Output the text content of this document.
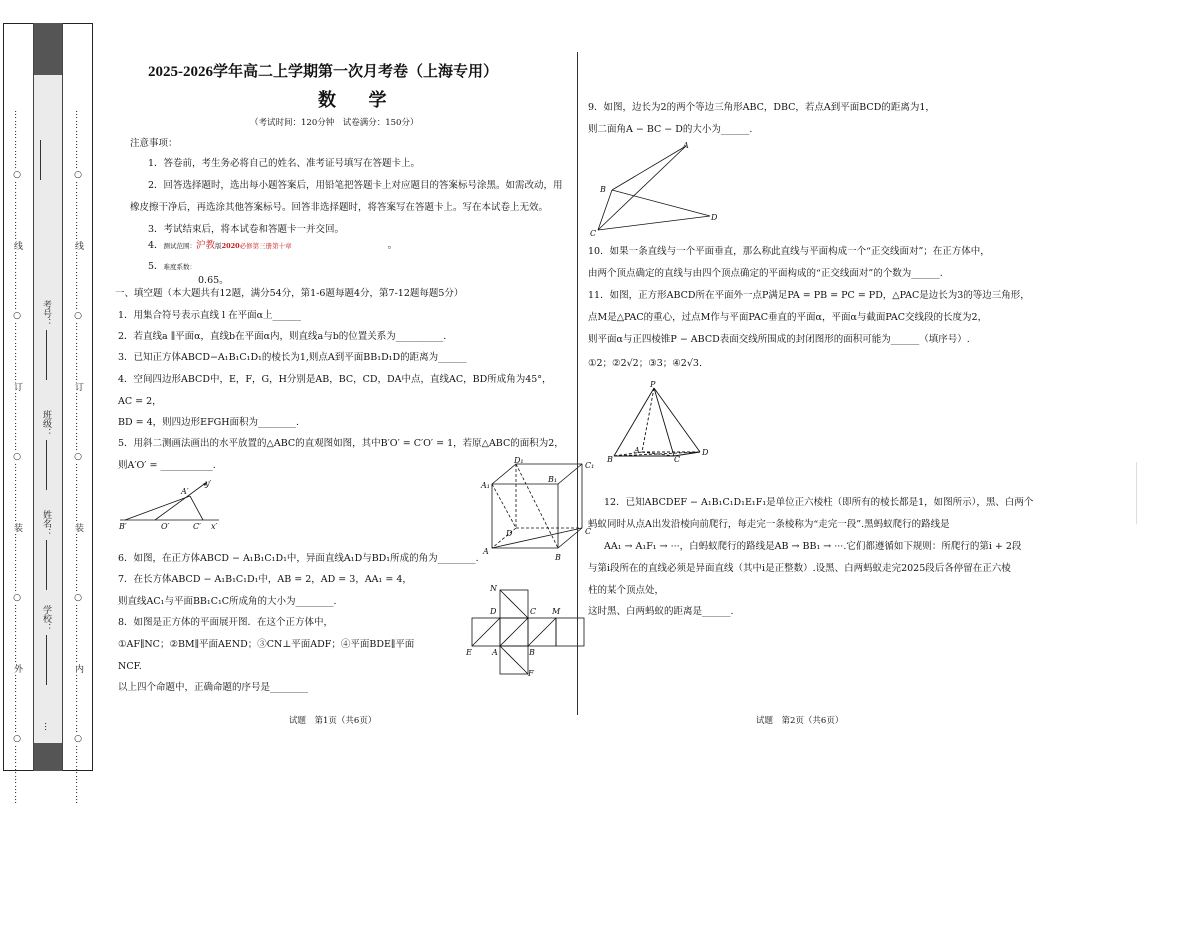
………………○………………线………………○………………订………………○………………装………………○………………外………………○………………	………………○………………线………………○………………订………………○………………装………………○………………内………………○………………
考号：
班级：
姓名：
学校：
…
2025-2026学年高二上学期第一次月考卷（上海专用）
数 学
（考试时间：120分钟　试卷满分：150分）
注意事项：
1．答卷前，考生务必将自己的姓名、准考证号填写在答题卡上。
2．回答选择题时，选出每小题答案后，用铅笔把答题卡上对应题目的答案标号涂黑。如需改动，用
橡皮擦干净后，再选涂其他答案标号。回答非选择题时，将答案写在答题卡上。写在本试卷上无效。
3．考试结束后，将本试卷和答题卡一并交回。
4．测试范围：沪教版2020必修第三册第十章	。
5．难度系数：
0.65。
一、填空题（本大题共有12题，满分54分，第1-6题每题4分，第7-12题每题5分）
1．用集合符号表示直线 l 在平面α上______
2．若直线a ∥平面α，直线b在平面α内，则直线a与b的位置关系为__________.
3．已知正方体ABCD−A₁B₁C₁D₁的棱长为1,则点A到平面BB₁D₁D的距离为______
4．空间四边形ABCD中，E，F，G，H分别是AB，BC，CD，DA中点，直线AC，BD所成角为45°，
AC = 2，
BD = 4，则四边形EFGH面积为________.
5．用斜二测画法画出的水平放置的△ABC的直观图如图，其中B′O′ = C′O′ = 1，若原△ABC的面积为2，
则A′O′ = ___________.
B′	O′	C′
A′
x′
y′
6．如图，在正方体ABCD − A₁B₁C₁D₁中，异面直线A₁D与BD₁所成的角为________.
7．在长方体ABCD − A₁B₁C₁D₁中，AB = 2，AD = 3，AA₁ = 4，
则直线AC₁与平面BB₁C₁C所成角的大小为________.
8．如图是正方体的平面展开图．在这个正方体中，
①AF∥NC；②BM∥平面AEND；③CN⊥平面ADF；④平面BDE∥平面
NCF.
以上四个命题中，正确命题的序号是________
D₁
C₁
A₁
B₁
D	C
A
B
N
D	C M
E	A	B
F
试题　第1页（共6页）
9．如图，边长为2的两个等边三角形ABC，DBC，若点A到平面BCD的距离为1，
则二面角A − BC − D的大小为______.
A
B
C
D
10．如果一条直线与一个平面垂直，那么称此直线与平面构成一个“正交线面对”；在正方体中，
由两个顶点确定的直线与由四个顶点确定的平面构成的“正交线面对”的个数为______.
11．如图，正方形ABCD所在平面外一点P满足PA = PB = PC = PD，△PAC是边长为3的等边三角形，
点M是△PAC的重心，过点M作与平面PAC垂直的平面α，平面α与截面PAC交线段的长度为2，
则平面α与正四棱锥P − ABCD表面交线所围成的封闭图形的面积可能为______（填序号）.
①2；②2√2；③3；④2√3.
P
A
B	C
D
12．已知ABCDEF − A₁B₁C₁D₁E₁F₁是单位正六棱柱（即所有的棱长都是1，如图所示），黑、白两个
蚂蚁同时从点A出发沿棱向前爬行，每走完一条棱称为“走完一段”.黑蚂蚁爬行的路线是
AA₁ → A₁F₁ → ···，白蚂蚁爬行的路线是AB → BB₁ → ···.它们都遵循如下规则：所爬行的第i + 2段
与第i段所在的直线必须是异面直线（其中i是正整数）.设黑、白两蚂蚁走完2025段后各停留在正六棱
柱的某个顶点处，
这时黑、白两蚂蚁的距离是______.
试题　第2页（共6页）
